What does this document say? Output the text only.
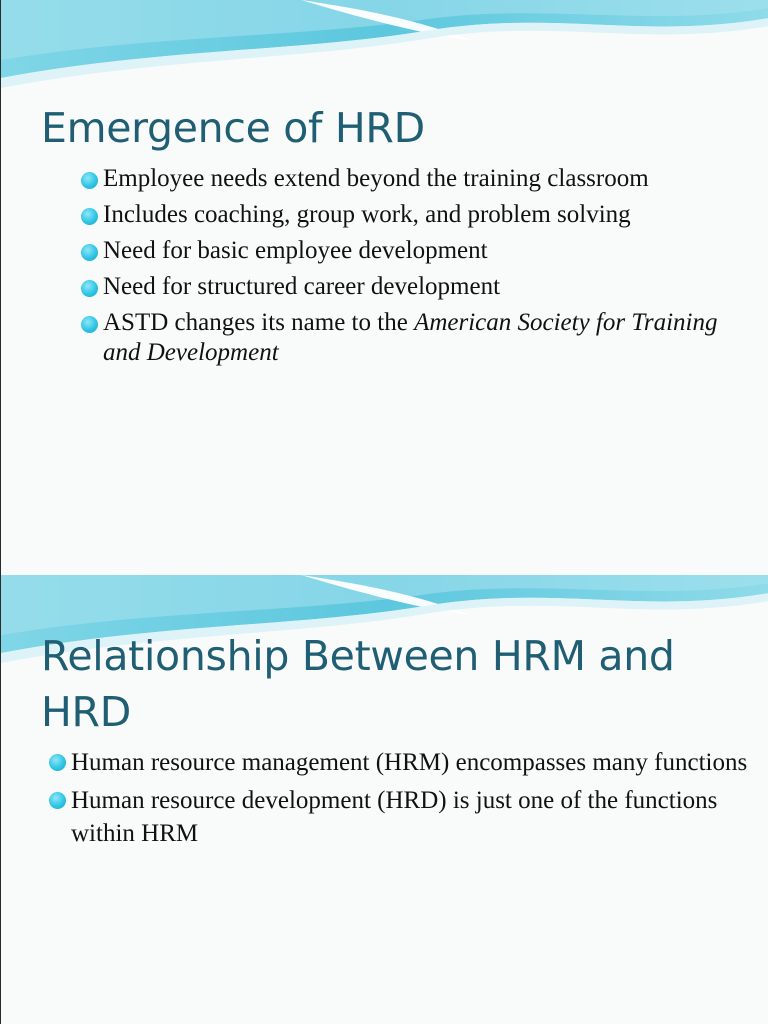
Emergence of HRD
Employee needs extend beyond the training classroom
Includes coaching, group work, and problem solving
Need for basic employee development
Need for structured career development
ASTD changes its name to the American Society for Training and Development
Relationship Between HRM and HRD
Human resource management (HRM) encompasses many functions
Human resource development (HRD) is just one of the functions within HRM
